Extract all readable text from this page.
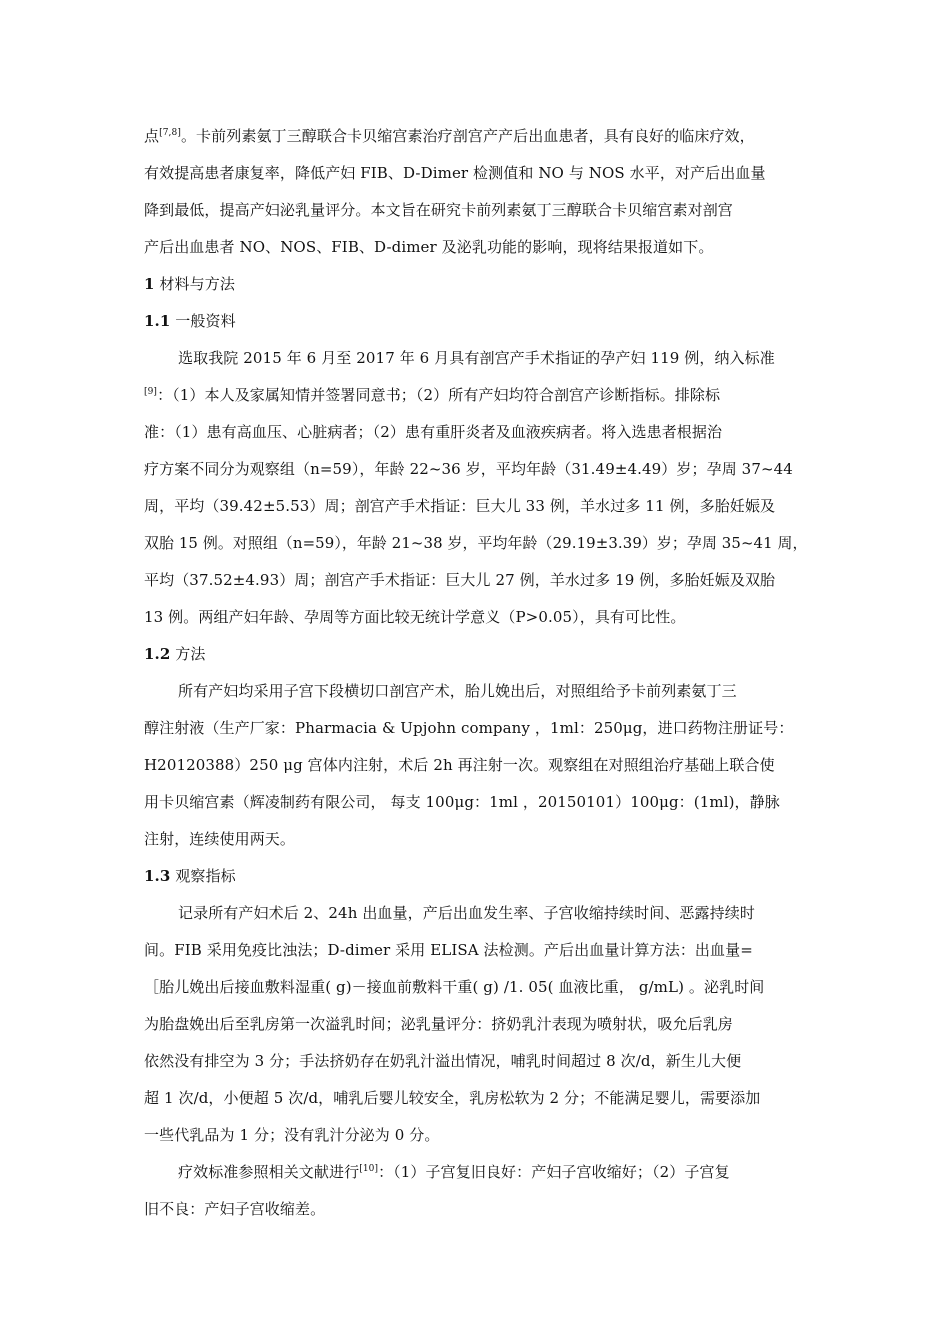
点[7,8]。卡前列素氨丁三醇联合卡贝缩宫素治疗剖宫产产后出血患者，具有良好的临床疗效，
有效提高患者康复率，降低产妇 FIB、D-Dimer 检测值和 NO 与 NOS 水平，对产后出血量
降到最低，提高产妇泌乳量评分。本文旨在研究卡前列素氨丁三醇联合卡贝缩宫素对剖宫
产后出血患者 NO、NOS、FIB、D-dimer 及泌乳功能的影响，现将结果报道如下。
1 材料与方法
1.1 一般资料
选取我院 2015 年 6 月至 2017 年 6 月具有剖宫产手术指证的孕产妇 119 例，纳入标准
[9]：（1）本人及家属知情并签署同意书；（2）所有产妇均符合剖宫产诊断指标。排除标
准：（1）患有高血压、心脏病者；（2）患有重肝炎者及血液疾病者。将入选患者根据治
疗方案不同分为观察组（n=59），年龄 22~36 岁，平均年龄（31.49±4.49）岁；孕周 37~44
周，平均（39.42±5.53）周；剖宫产手术指证：巨大儿 33 例，羊水过多 11 例，多胎妊娠及
双胎 15 例。对照组（n=59），年龄 21~38 岁，平均年龄（29.19±3.39）岁；孕周 35~41 周，
平均（37.52±4.93）周；剖宫产手术指证：巨大儿 27 例，羊水过多 19 例，多胎妊娠及双胎
13 例。两组产妇年龄、孕周等方面比较无统计学意义（P>0.05），具有可比性。
1.2 方法
所有产妇均采用子宫下段横切口剖宫产术，胎儿娩出后，对照组给予卡前列素氨丁三
醇注射液（生产厂家：Pharmacia & Upjohn company ，1ml：250μg，进口药物注册证号：
H20120388）250 μg 宫体内注射，术后 2h 再注射一次。观察组在对照组治疗基础上联合使
用卡贝缩宫素（辉凌制药有限公司， 每支 100μg：1ml ，20150101）100μg：(1ml)，静脉
注射，连续使用两天。
1.3 观察指标
记录所有产妇术后 2、24h 出血量，产后出血发生率、子宫收缩持续时间、恶露持续时
间。FIB 采用免疫比浊法；D-dimer 采用 ELISA 法检测。产后出血量计算方法：出血量=
［胎儿娩出后接血敷料湿重( g)－接血前敷料干重( g) /1. 05( 血液比重， g/mL) 。泌乳时间
为胎盘娩出后至乳房第一次溢乳时间；泌乳量评分：挤奶乳汁表现为喷射状，吸允后乳房
依然没有排空为 3 分；手法挤奶存在奶乳汁溢出情况，哺乳时间超过 8 次/d，新生儿大便
超 1 次/d，小便超 5 次/d，哺乳后婴儿较安全，乳房松软为 2 分；不能满足婴儿，需要添加
一些代乳品为 1 分；没有乳汁分泌为 0 分。
疗效标准参照相关文献进行[10]：（1）子宫复旧良好：产妇子宫收缩好；（2）子宫复
旧不良：产妇子宫收缩差。
